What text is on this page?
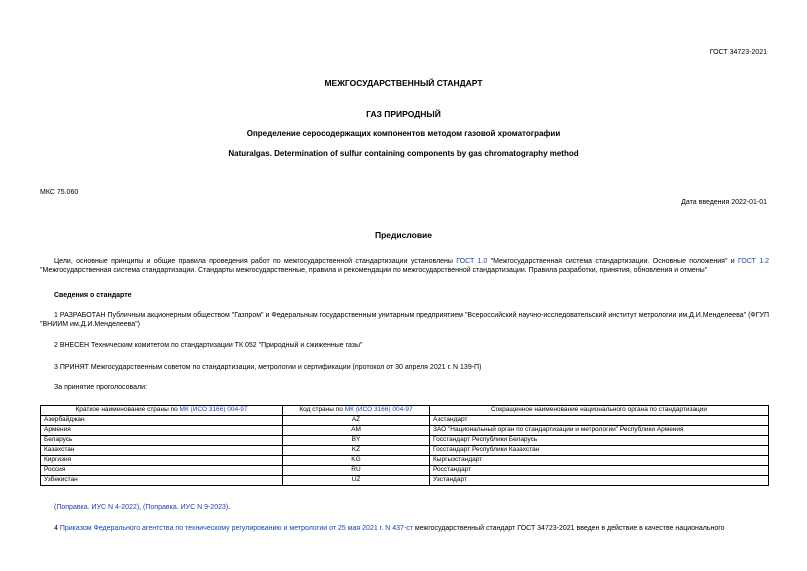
ГОСТ 34723-2021
МЕЖГОСУДАРСТВЕННЫЙ СТАНДАРТ
ГАЗ ПРИРОДНЫЙ
Определение серосодержащих компонентов методом газовой хроматографии
Naturalgas. Determination of sulfur containing components by gas chromatography method
МКС 75.060
Дата введения 2022-01-01
Предисловие
Цели, основные принципы и общие правила проведения работ по межгосударственной стандартизации установлены ГОСТ 1.0 "Межгосударственная система стандартизации. Основные положения" и ГОСТ 1.2 "Межгосударственная система стандартизации. Стандарты межгосударственные, правила и рекомендации по межгосударственной стандартизации. Правила разработки, принятия, обновления и отмены"
Сведения о стандарте
1 РАЗРАБОТАН Публичным акционерным обществом "Газпром" и Федеральным государственным унитарным предприятием "Всероссийский научно-исследовательский институт метрологии им.Д.И.Менделеева" (ФГУП "ВНИИМ им.Д.И.Менделеева")
2 ВНЕСЕН Техническим комитетом по стандартизации ТК 052 "Природный и сжиженные газы"
3 ПРИНЯТ Межгосударственным советом по стандартизации, метрологии и сертификации (протокол от 30 апреля 2021 г. N 139-П)
За принятие проголосовали:
Краткое наименование страны по МК (ИСО 3166) 004-97	Код страны по МК (ИСО 3166) 004-97	Сокращенное наименование национального органа по стандартизации
Азербайджан	AZ	Азстандарт
Армения	AM	ЗАО "Национальный орган по стандартизации и метрологии" Республики Армения
Беларусь	BY	Госстандарт Республики Беларусь
Казахстан	KZ	Госстандарт Республики Казахстан
Киргизия	KG	Кыргызстандарт
Россия	RU	Росстандарт
Узбекистан	UZ	Узстандарт
(Поправка. ИУС N 4-2022), (Поправка. ИУС N 9-2023).
4 Приказом Федерального агентства по техническому регулированию и метрологии от 25 мая 2021 г. N 437-ст межгосударственный стандарт ГОСТ 34723-2021 введен в действие в качестве национального
